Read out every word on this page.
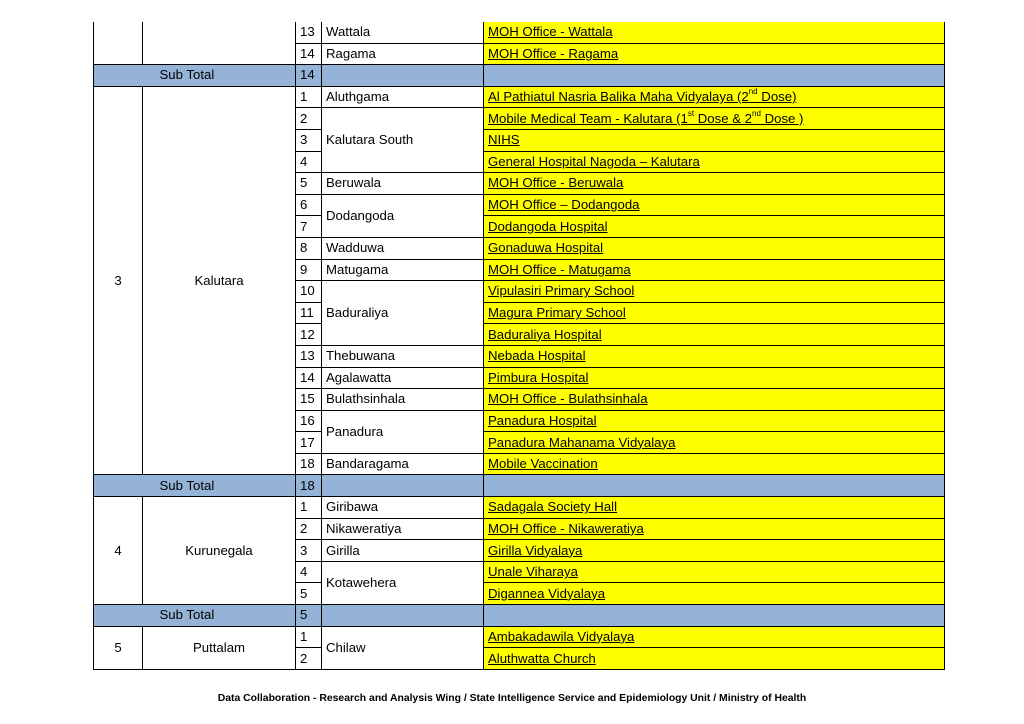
		13	Wattala	MOH Office - Wattala
		14	Ragama	MOH Office - Ragama
	Sub Total	14		
3	Kalutara	1	Aluthgama	Al Pathiatul Nasria Balika Maha Vidyalaya (2nd Dose)
		2	Kalutara South	Mobile Medical Team - Kalutara (1st Dose & 2nd Dose )
		3		NIHS
		4		General Hospital Nagoda – Kalutara
		5	Beruwala	MOH Office - Beruwala
		6	Dodangoda	MOH Office – Dodangoda
		7		Dodangoda Hospital
		8	Wadduwa	Gonaduwa Hospital
		9	Matugama	MOH Office - Matugama
		10	Baduraliya	Vipulasiri Primary School
		11		Magura Primary School
		12		Baduraliya Hospital
		13	Thebuwana	Nebada Hospital
		14	Agalawatta	Pimbura Hospital
		15	Bulathsinhala	MOH Office - Bulathsinhala
		16	Panadura	Panadura Hospital
		17		Panadura Mahanama Vidyalaya
		18	Bandaragama	Mobile Vaccination
	Sub Total	18		
4	Kurunegala	1	Giribawa	Sadagala Society Hall
		2	Nikaweratiya	MOH Office - Nikaweratiya
		3	Girilla	Girilla Vidyalaya
		4	Kotawehera	Unale Viharaya
		5		Digannea Vidyalaya
	Sub Total	5		
5	Puttalam	1	Chilaw	Ambakadawila Vidyalaya
		2		Aluthwatta Church
Data Collaboration - Research and Analysis Wing / State Intelligence Service and Epidemiology Unit / Ministry of Health
